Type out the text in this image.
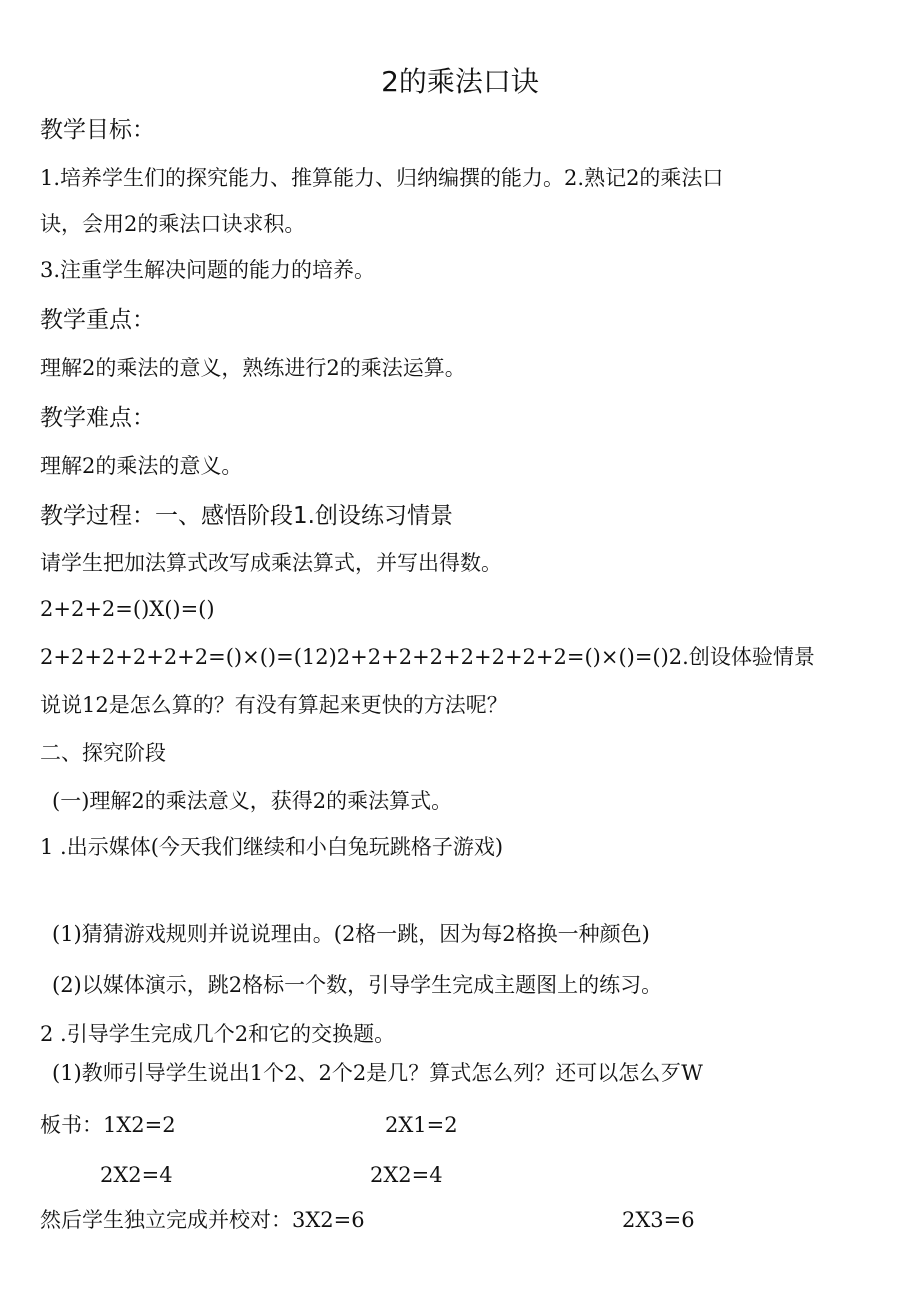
2的乘法口诀
教学目标：
1.培养学生们的探究能力、推算能力、归纳编撰的能力。2.熟记2的乘法口
诀，会用2的乘法口诀求积。
3.注重学生解决问题的能力的培养。
教学重点：
理解2的乘法的意义，熟练进行2的乘法运算。
教学难点：
理解2的乘法的意义。
教学过程：一、感悟阶段1.创设练习情景
请学生把加法算式改写成乘法算式，并写出得数。
2+2+2=()X()=()
2+2+2+2+2+2=()×()=(12)2+2+2+2+2+2+2+2=()×()=()2.创设体验情景
说说12是怎么算的？有没有算起来更快的方法呢？
二、探究阶段
(一)理解2的乘法意义，获得2的乘法算式。
1 .出示媒体(今天我们继续和小白兔玩跳格子游戏)
(1)猜猜游戏规则并说说理由。(2格一跳，因为每2格换一种颜色)
(2)以媒体演示，跳2格标一个数，引导学生完成主题图上的练习。
2 .引导学生完成几个2和它的交换题。
(1)教师引导学生说出1个2、2个2是几？算式怎么列？还可以怎么歹W
板书：1X2=2	2X1=2
2X2=4	2X2=4
然后学生独立完成并校对：3X2=6	2X3=6
